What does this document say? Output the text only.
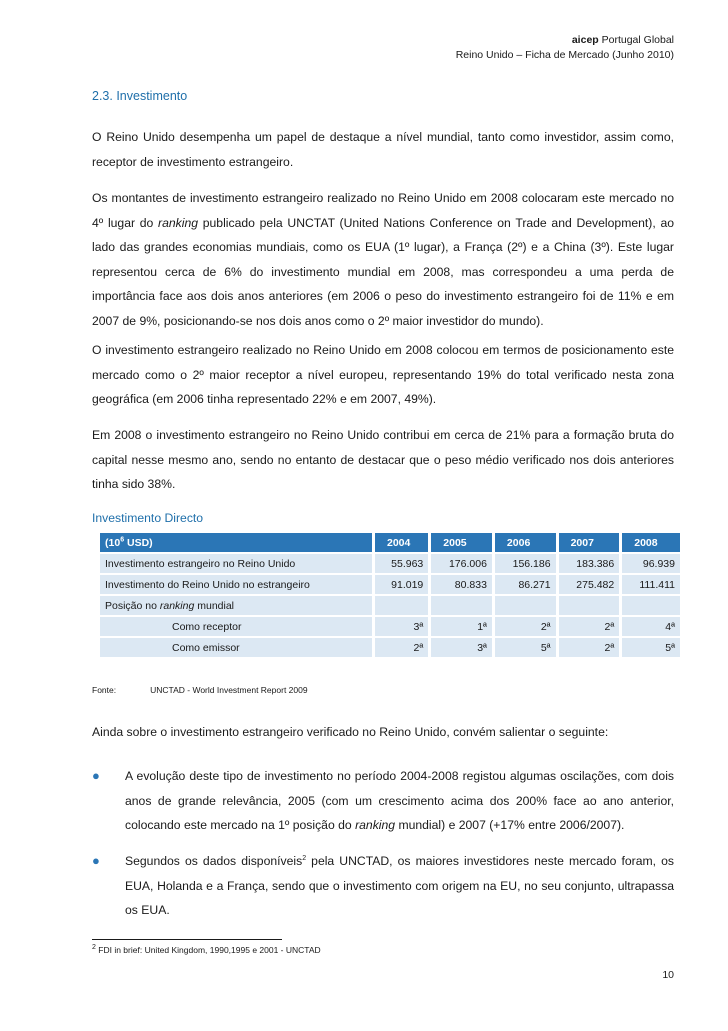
aicep Portugal Global
Reino Unido – Ficha de Mercado (Junho 2010)
2.3. Investimento
O Reino Unido desempenha um papel de destaque a nível mundial, tanto como investidor, assim como, receptor de investimento estrangeiro.
Os montantes de investimento estrangeiro realizado no Reino Unido em 2008 colocaram este mercado no 4º lugar do ranking publicado pela UNCTAT (United Nations Conference on Trade and Development), ao lado das grandes economias mundiais, como os EUA (1º lugar), a França (2º) e a China (3º). Este lugar representou cerca de 6% do investimento mundial em 2008, mas correspondeu a uma perda de importância face aos dois anos anteriores (em 2006 o peso do investimento estrangeiro foi de 11% e em 2007 de 9%, posicionando-se nos dois anos como o 2º maior investidor do mundo).
O investimento estrangeiro realizado no Reino Unido em 2008 colocou em termos de posicionamento este mercado como o 2º maior receptor a nível europeu, representando 19% do total verificado nesta zona geográfica (em 2006 tinha representado 22% e em 2007, 49%).
Em 2008 o investimento estrangeiro no Reino Unido contribui em cerca de 21% para a formação bruta do capital nesse mesmo ano, sendo no entanto de destacar que o peso médio verificado nos dois anteriores tinha sido 38%.
Investimento Directo
($10^6$ USD)		2004		2005		2006		2007		2008
Investimento estrangeiro no Reino Unido		55.963		176.006		156.186		183.386		96.939
Investimento do Reino Unido no estrangeiro		91.019		80.833		86.271		275.482		111.411
Posição no ranking mundial										
Como receptor		3ª		1ª		2ª		2ª		4ª
Como emissor		2ª		3ª		5ª		2ª		5ª
Fonte:	UNCTAD - World Investment Report 2009
Ainda sobre o investimento estrangeiro verificado no Reino Unido, convém salientar o seguinte:
● A evolução deste tipo de investimento no período 2004-2008 registou algumas oscilações, com dois anos de grande relevância, 2005 (com um crescimento acima dos 200% face ao ano anterior, colocando este mercado na 1º posição do ranking mundial) e 2007 (+17% entre 2006/2007).
● Segundos os dados disponíveis$^2$ pela UNCTAD, os maiores investidores neste mercado foram, os EUA, Holanda e a França, sendo que o investimento com origem na EU, no seu conjunto, ultrapassa os EUA.
$^2$ FDI in brief: United Kingdom, 1990,1995 e 2001 - UNCTAD
10
